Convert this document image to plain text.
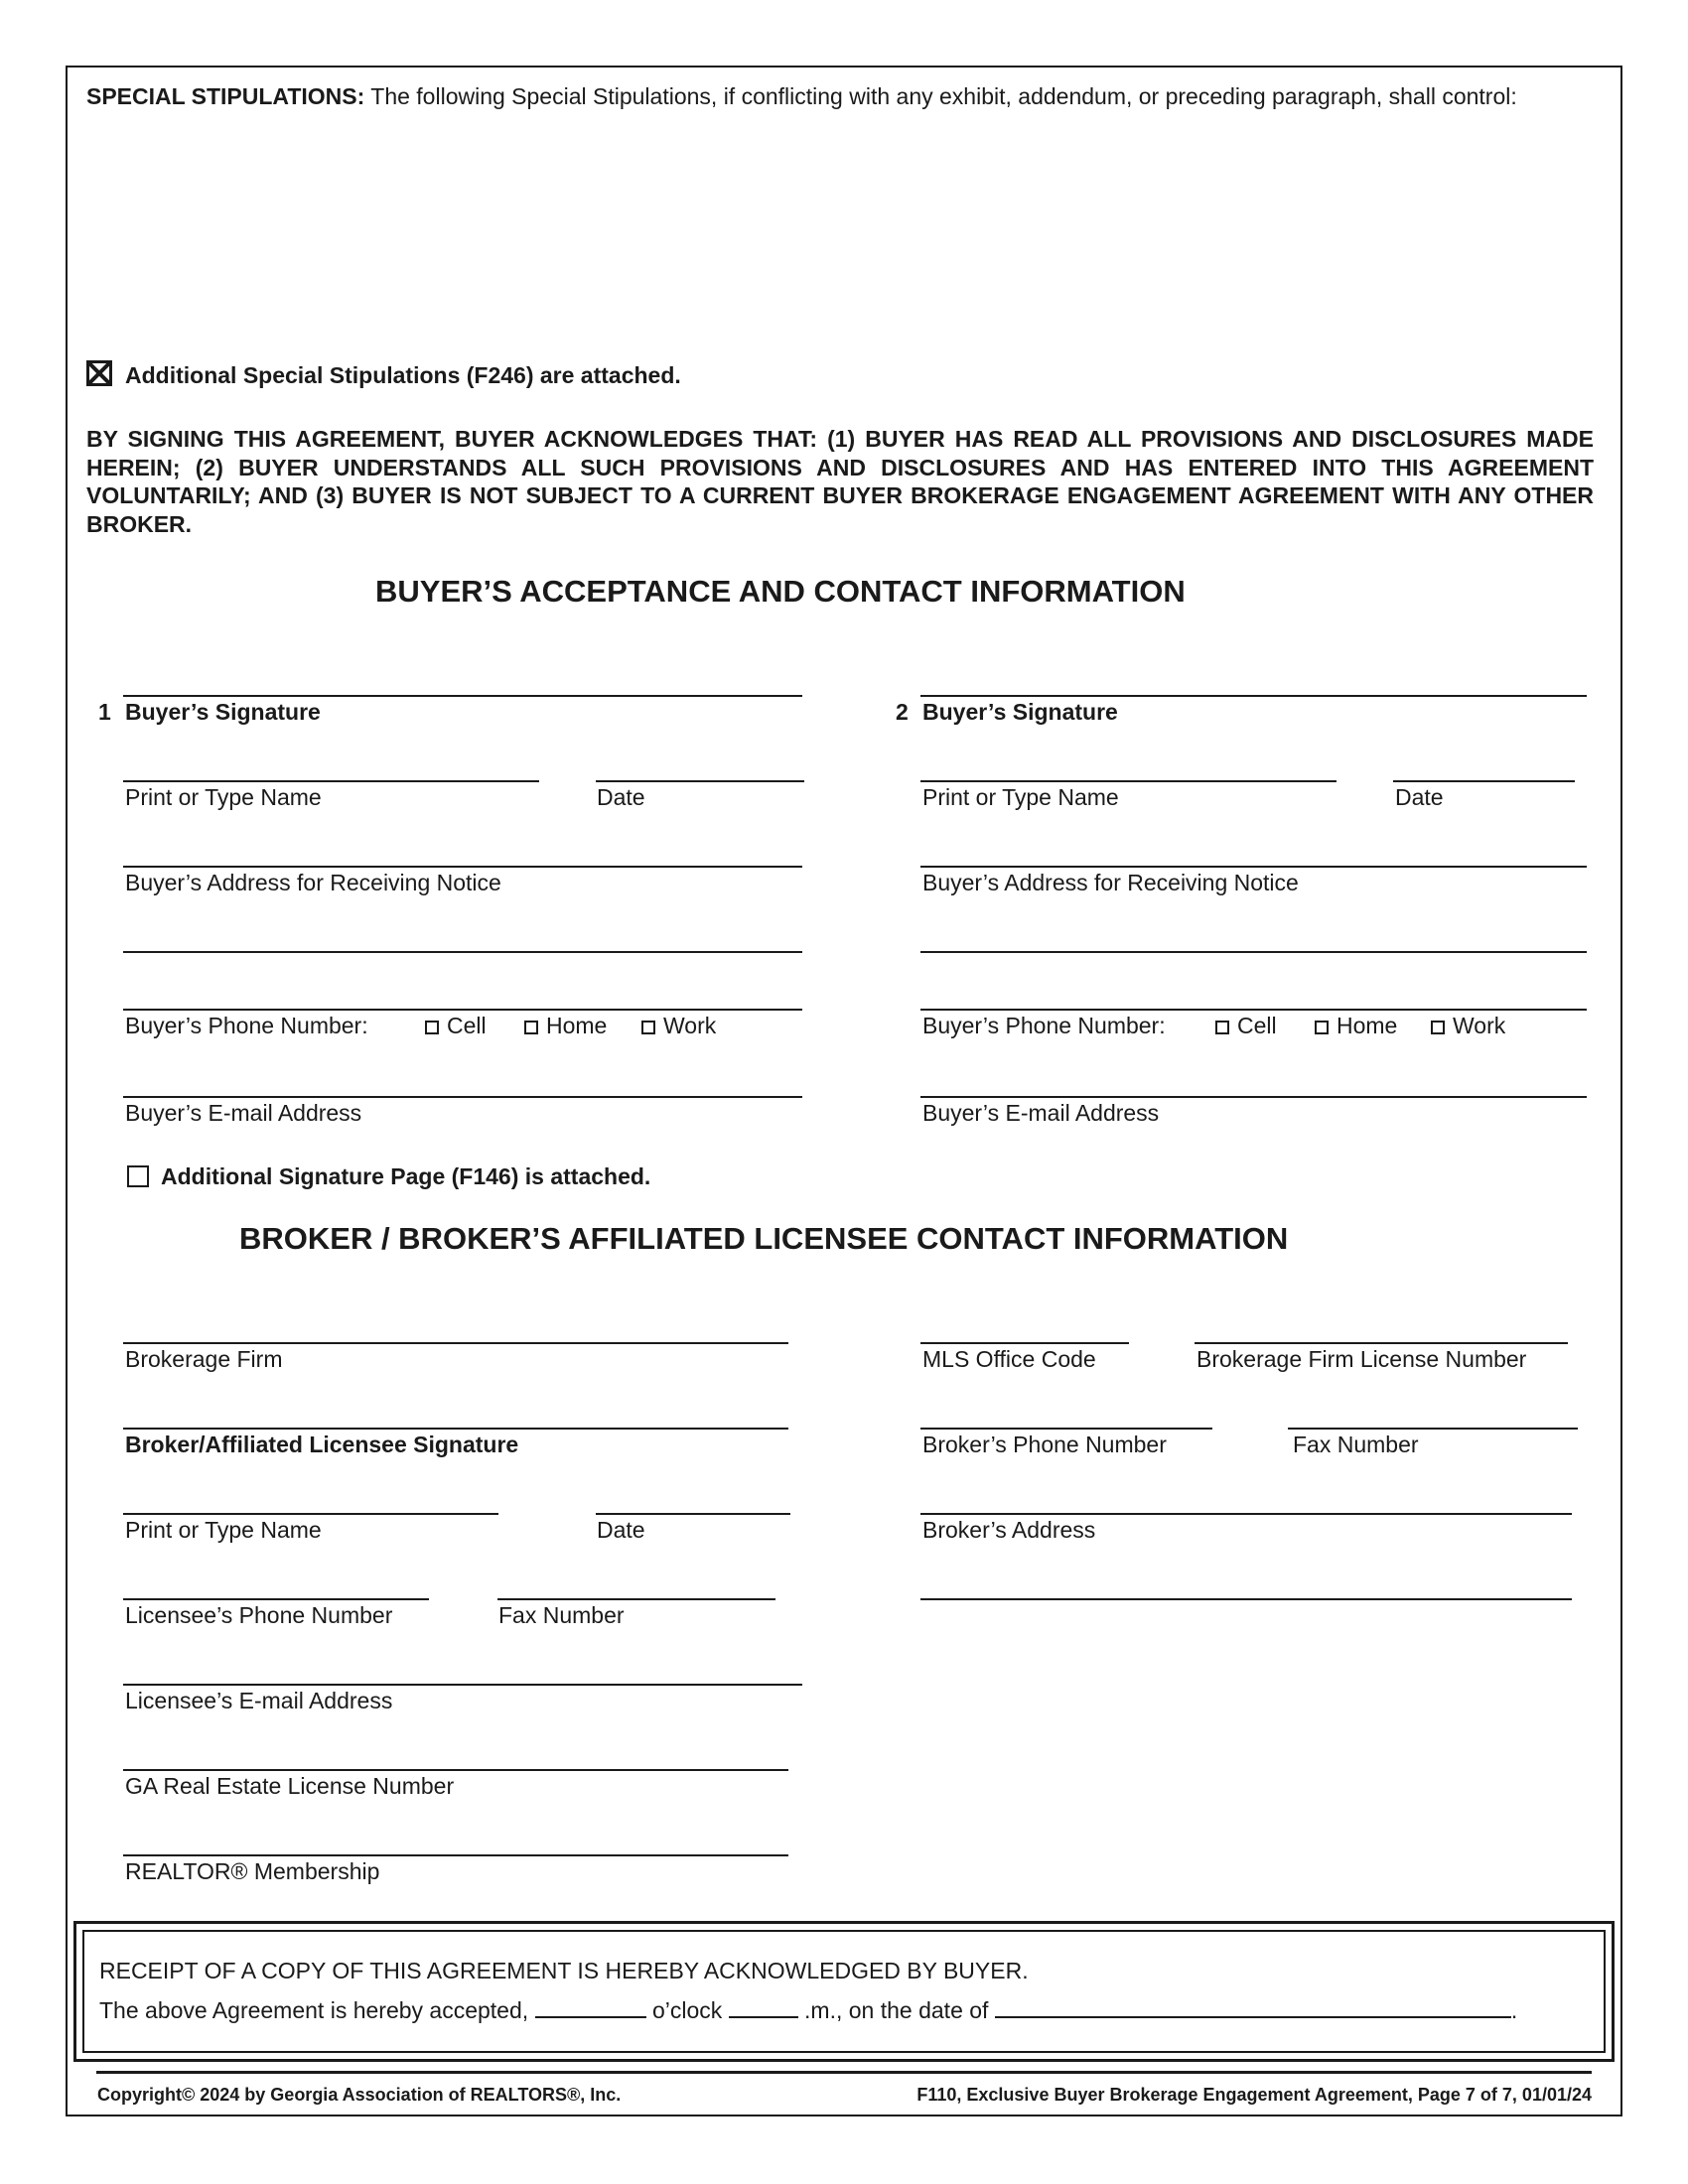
SPECIAL STIPULATIONS: The following Special Stipulations, if conflicting with any exhibit, addendum, or preceding paragraph, shall control:
Additional Special Stipulations (F246) are attached.
BY SIGNING THIS AGREEMENT, BUYER ACKNOWLEDGES THAT: (1) BUYER HAS READ ALL PROVISIONS AND DISCLOSURES MADE HEREIN; (2) BUYER UNDERSTANDS ALL SUCH PROVISIONS AND DISCLOSURES AND HAS ENTERED INTO THIS AGREEMENT VOLUNTARILY; AND (3) BUYER IS NOT SUBJECT TO A CURRENT BUYER BROKERAGE ENGAGEMENT AGREEMENT WITH ANY OTHER BROKER.
BUYER’S ACCEPTANCE AND CONTACT INFORMATION
1 Buyer’s Signature
Print or Type Name	Date
Buyer’s Address for Receiving Notice
Buyer’s Phone Number:	Cell	Home	Work
Buyer’s E-mail Address
2 Buyer’s Signature
Print or Type Name	Date
Buyer’s Address for Receiving Notice
Buyer’s Phone Number:	Cell	Home	Work
Buyer’s E-mail Address
Additional Signature Page (F146) is attached.
BROKER / BROKER’S AFFILIATED LICENSEE CONTACT INFORMATION
Brokerage Firm
Broker/Affiliated Licensee Signature
Print or Type Name	Date
Licensee’s Phone Number	Fax Number
Licensee’s E-mail Address
GA Real Estate License Number
REALTOR® Membership
MLS Office Code	Brokerage Firm License Number
Broker’s Phone Number	Fax Number
Broker’s Address
RECEIPT OF A COPY OF THIS AGREEMENT IS HEREBY ACKNOWLEDGED BY BUYER.
The above Agreement is hereby accepted,	o’clock	.m., on the date of	.
Copyright© 2024 by Georgia Association of REALTORS®, Inc.	F110, Exclusive Buyer Brokerage Engagement Agreement, Page 7 of 7, 01/01/24
